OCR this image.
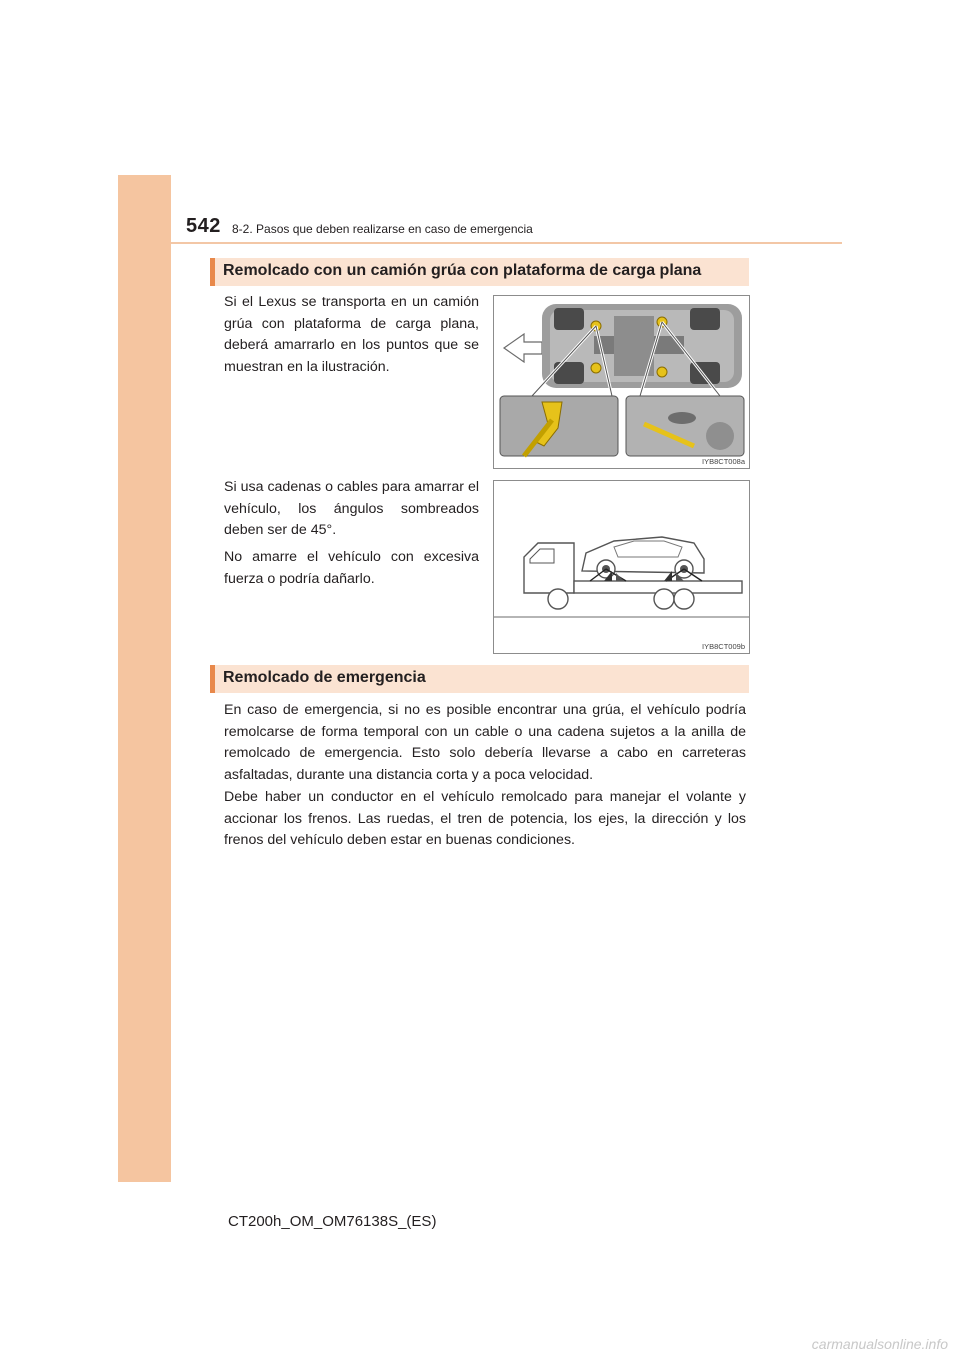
542 8-2. Pasos que deben realizarse en caso de emergencia
Remolcado con un camión grúa con plataforma de carga plana

Si el Lexus se transporta en un camión grúa con plataforma de carga plana, deberá amarrarlo en los puntos que se muestran en la ilustración.

IYB8CT008a

Si usa cadenas o cables para amarrar el vehículo, los ángulos sombreados deben ser de 45°.

No amarre el vehículo con excesiva fuerza o podría dañarlo.

IYB8CT009b
Remolcado de emergencia

En caso de emergencia, si no es posible encontrar una grúa, el vehículo podría remolcarse de forma temporal con un cable o una cadena sujetos a la anilla de remolcado de emergencia. Esto solo debería llevarse a cabo en carreteras asfaltadas, durante una distancia corta y a poca velocidad.

Debe haber un conductor en el vehículo remolcado para manejar el volante y accionar los frenos. Las ruedas, el tren de potencia, los ejes, la dirección y los frenos del vehículo deben estar en buenas condiciones.

CT200h_OM_OM76138S_(ES)
carmanualsonline.info
